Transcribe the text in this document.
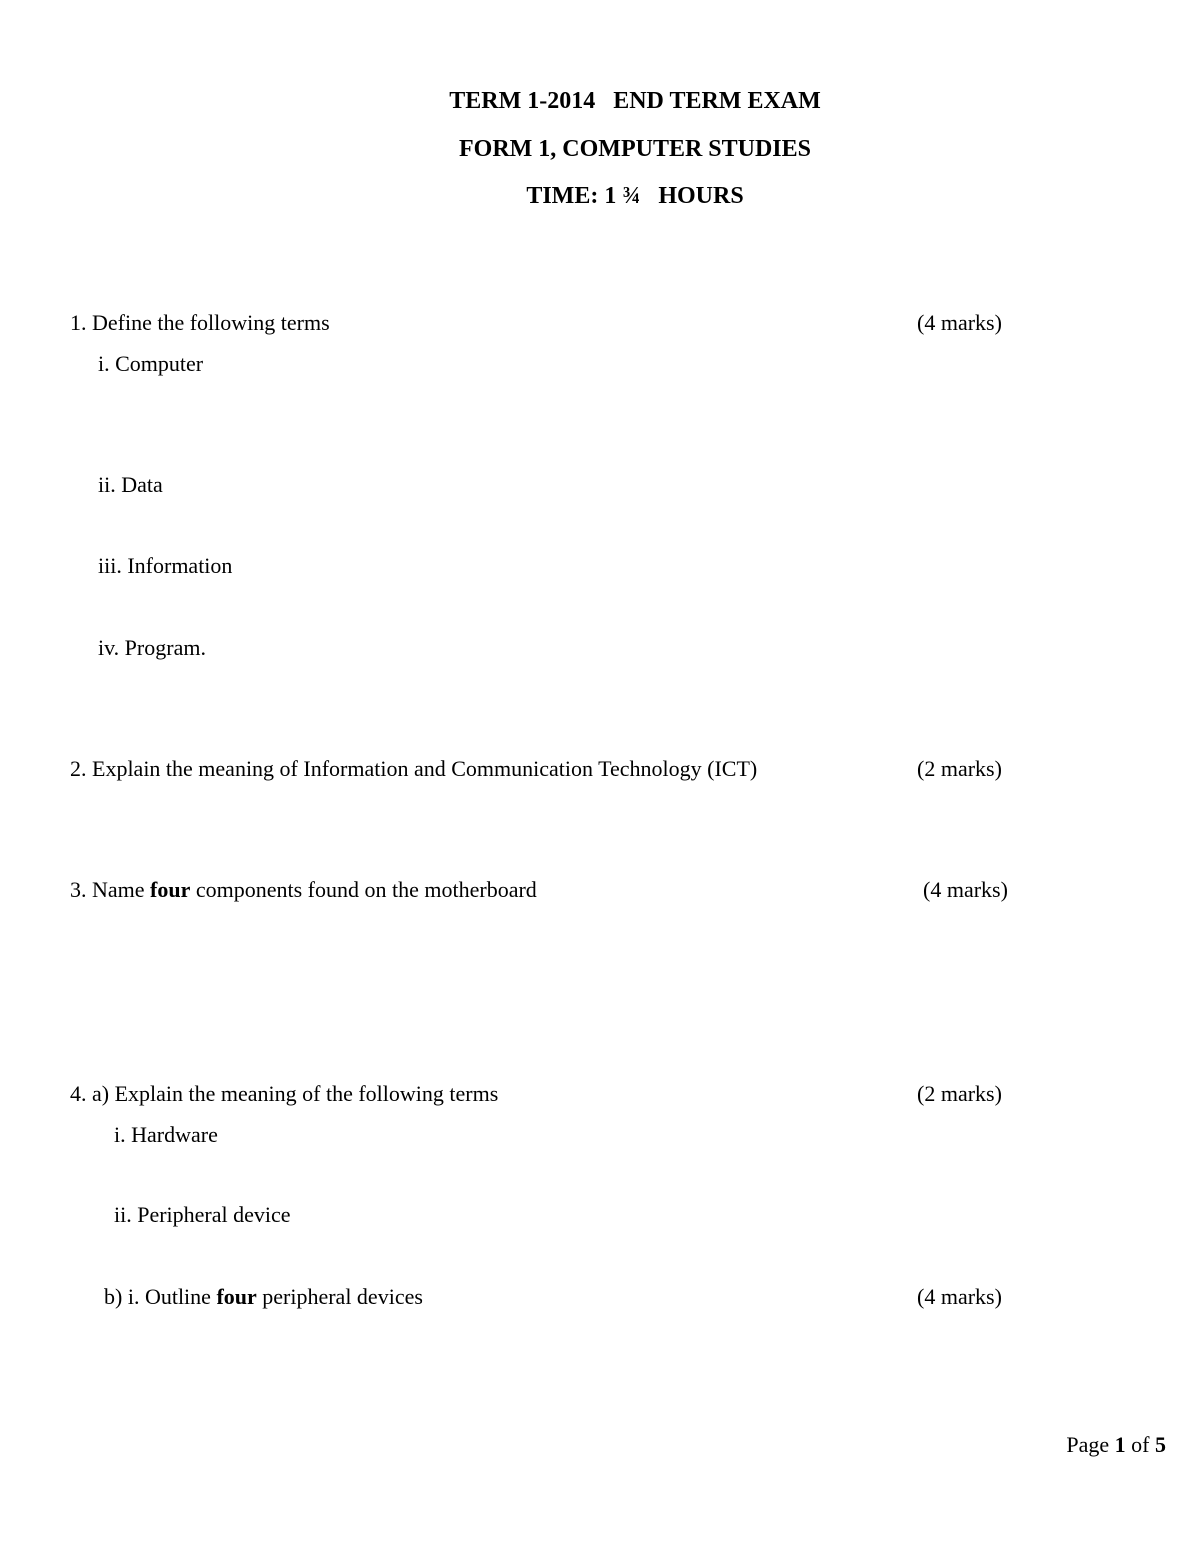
TERM 1-2014   END TERM EXAM
FORM 1, COMPUTER STUDIES
TIME: 1 ¾   HOURS
1. Define the following terms	(4 marks)
i. Computer
ii. Data
iii. Information
iv. Program.
2. Explain the meaning of Information and Communication Technology (ICT)	(2 marks)
3. Name four components found on the motherboard	(4 marks)
4. a) Explain the meaning of the following terms	(2 marks)
i. Hardware
ii. Peripheral device
b) i. Outline four peripheral devices	(4 marks)
Page 1 of 5
